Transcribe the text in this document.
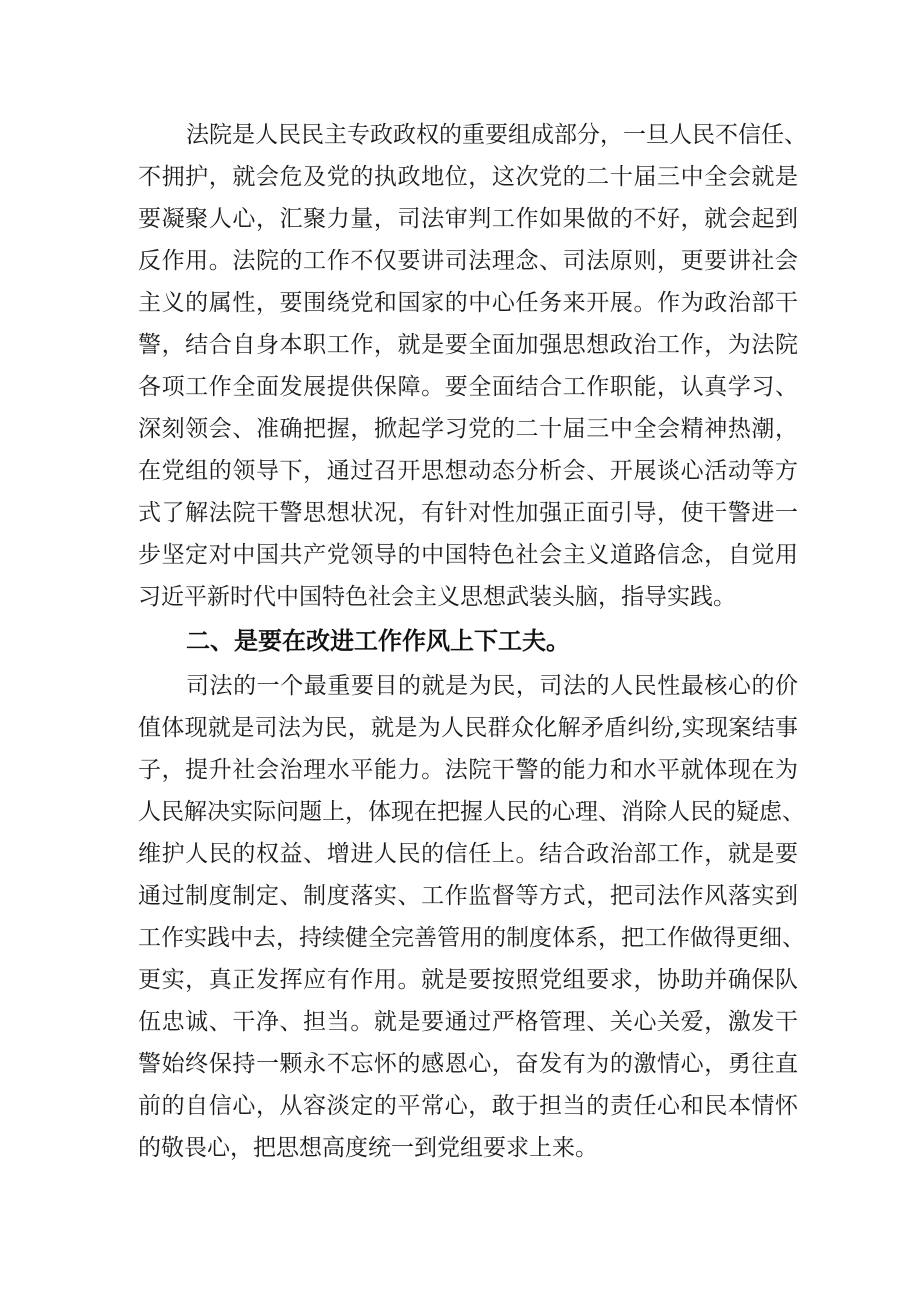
法院是人民民主专政政权的重要组成部分，一旦人民不信任、
不拥护，就会危及党的执政地位，这次党的二十届三中全会就是
要凝聚人心，汇聚力量，司法审判工作如果做的不好，就会起到
反作用。法院的工作不仅要讲司法理念、司法原则，更要讲社会
主义的属性，要围绕党和国家的中心任务来开展。作为政治部干
警，结合自身本职工作，就是要全面加强思想政治工作，为法院
各项工作全面发展提供保障。要全面结合工作职能，认真学习、
深刻领会、准确把握，掀起学习党的二十届三中全会精神热潮，
在党组的领导下，通过召开思想动态分析会、开展谈心活动等方
式了解法院干警思想状况，有针对性加强正面引导，使干警进一
步坚定对中国共产党领导的中国特色社会主义道路信念，自觉用
习近平新时代中国特色社会主义思想武装头脑，指导实践。
二、是要在改进工作作风上下工夫。
司法的一个最重要目的就是为民，司法的人民性最核心的价
值体现就是司法为民，就是为人民群众化解矛盾纠纷,实现案结事
子，提升社会治理水平能力。法院干警的能力和水平就体现在为
人民解决实际问题上，体现在把握人民的心理、消除人民的疑虑、
维护人民的权益、增进人民的信任上。结合政治部工作，就是要
通过制度制定、制度落实、工作监督等方式，把司法作风落实到
工作实践中去，持续健全完善管用的制度体系，把工作做得更细、
更实，真正发挥应有作用。就是要按照党组要求，协助并确保队
伍忠诚、干净、担当。就是要通过严格管理、关心关爱，激发干
警始终保持一颗永不忘怀的感恩心，奋发有为的激情心，勇往直
前的自信心，从容淡定的平常心，敢于担当的责任心和民本情怀
的敬畏心，把思想高度统一到党组要求上来。
